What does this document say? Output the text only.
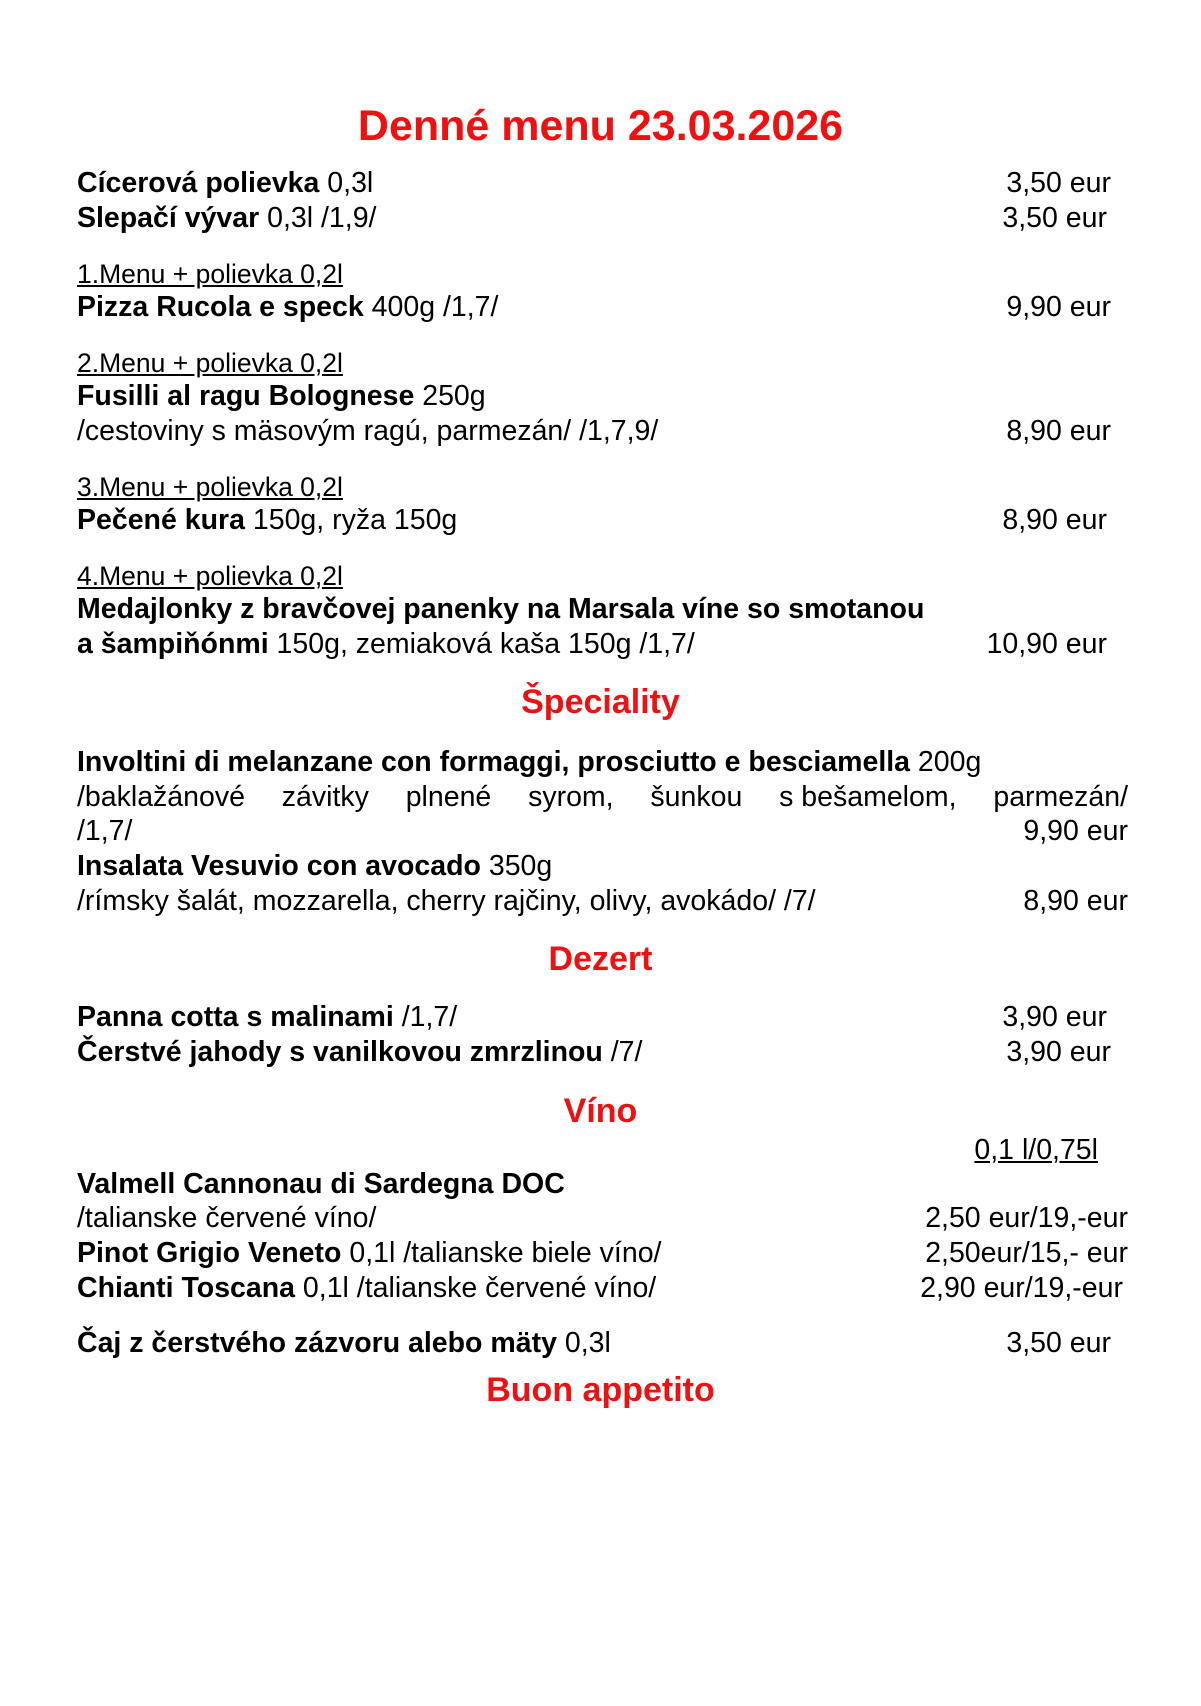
Denné menu 23.03.2026
Cícerová polievka 0,3l	3,50 eur
Slepačí vývar 0,3l /1,9/	3,50 eur
1.Menu + polievka 0,2l
Pizza Rucola e speck 400g /1,7/	9,90 eur
2.Menu + polievka 0,2l
Fusilli al ragu Bolognese 250g
/cestoviny s mäsovým ragú, parmezán/ /1,7,9/	8,90 eur
3.Menu + polievka 0,2l
Pečené kura 150g, ryža 150g	8,90 eur
4.Menu + polievka 0,2l
Medajlonky z bravčovej panenky na Marsala víne so smotanou
a šampiňónmi 150g, zemiaková kaša 150g /1,7/	10,90 eur
Špeciality
Involtini di melanzane con formaggi, prosciutto e besciamella 200g
/baklažánové závitky plnené syrom, šunkou s bešamelom, parmezán/
/1,7/	9,90 eur
Insalata Vesuvio con avocado 350g
/rímsky šalát, mozzarella, cherry rajčiny, olivy, avokádo/ /7/	8,90 eur
Dezert
Panna cotta s malinami /1,7/	3,90 eur
Čerstvé jahody s vanilkovou zmrzlinou /7/	3,90 eur
Víno
0,1 l/0,75l
Valmell Cannonau di Sardegna DOC
/talianske červené víno/	2,50 eur/19,-eur
Pinot Grigio Veneto 0,1l /talianske biele víno/	2,50eur/15,- eur
Chianti Toscana 0,1l /talianske červené víno/	2,90 eur/19,-eur
Čaj z čerstvého zázvoru alebo mäty 0,3l	3,50 eur
Buon appetito
